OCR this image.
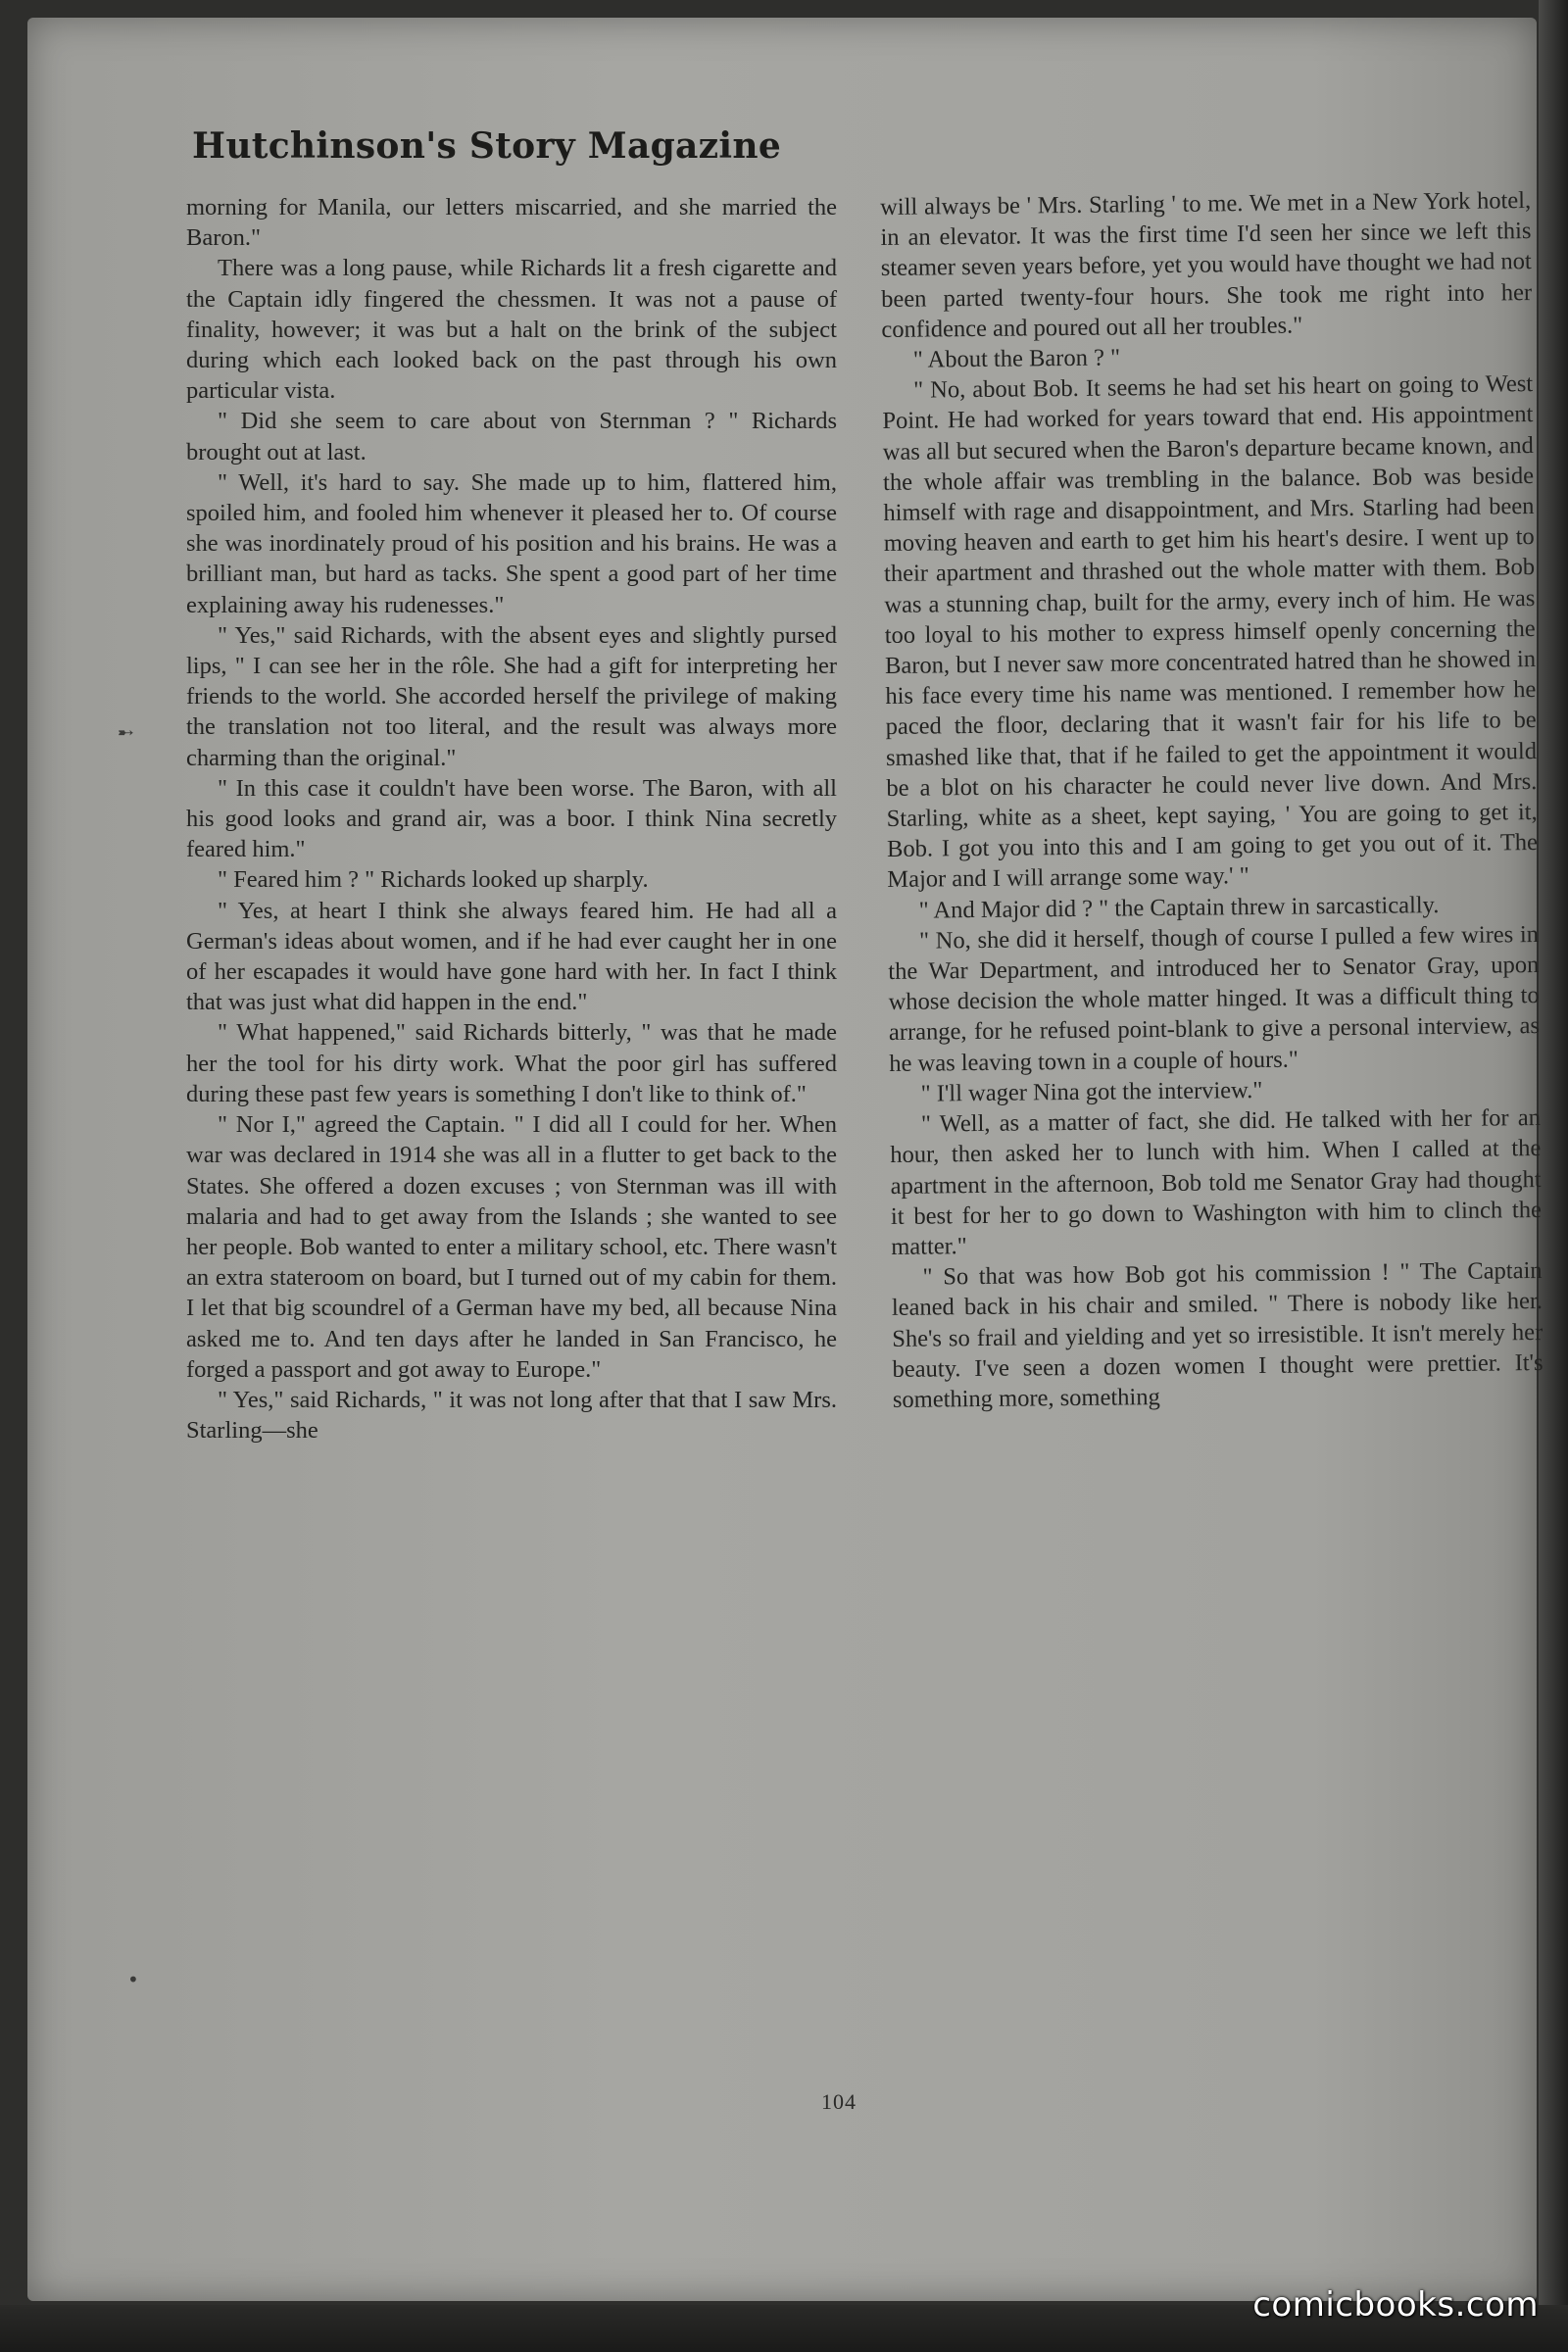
Hutchinson's Story Magazine

morning for Manila, our letters miscarried, and she married the Baron."

There was a long pause, while Richards lit a fresh cigarette and the Captain idly fingered the chessmen. It was not a pause of finality, however; it was but a halt on the brink of the subject during which each looked back on the past through his own particular vista.

" Did she seem to care about von Sternman ? " Richards brought out at last.

" Well, it's hard to say. She made up to him, flattered him, spoiled him, and fooled him whenever it pleased her to. Of course she was inordinately proud of his position and his brains. He was a brilliant man, but hard as tacks. She spent a good part of her time explaining away his rudenesses."

" Yes," said Richards, with the absent eyes and slightly pursed lips, " I can see her in the rôle. She had a gift for interpreting her friends to the world. She accorded herself the privilege of making the translation not too literal, and the result was always more charming than the original."

" In this case it couldn't have been worse. The Baron, with all his good looks and grand air, was a boor. I think Nina secretly feared him."

" Feared him ? " Richards looked up sharply.

" Yes, at heart I think she always feared him. He had all a German's ideas about women, and if he had ever caught her in one of her escapades it would have gone hard with her. In fact I think that was just what did happen in the end."

" What happened," said Richards bitterly, " was that he made her the tool for his dirty work. What the poor girl has suffered during these past few years is something I don't like to think of."

" Nor I," agreed the Captain. " I did all I could for her. When war was declared in 1914 she was all in a flutter to get back to the States. She offered a dozen excuses ; von Sternman was ill with malaria and had to get away from the Islands ; she wanted to see her people. Bob wanted to enter a military school, etc. There wasn't an extra stateroom on board, but I turned out of my cabin for them. I let that big scoundrel of a German have my bed, all because Nina asked me to. And ten days after he landed in San Francisco, he forged a passport and got away to Europe."

" Yes," said Richards, " it was not long after that that I saw Mrs. Starling—she

will always be ' Mrs. Starling ' to me. We met in a New York hotel, in an elevator. It was the first time I'd seen her since we left this steamer seven years before, yet you would have thought we had not been parted twenty-four hours. She took me right into her confidence and poured out all her troubles."

" About the Baron ? "

" No, about Bob. It seems he had set his heart on going to West Point. He had worked for years toward that end. His appointment was all but secured when the Baron's departure became known, and the whole affair was trembling in the balance. Bob was beside himself with rage and disappointment, and Mrs. Starling had been moving heaven and earth to get him his heart's desire. I went up to their apartment and thrashed out the whole matter with them. Bob was a stunning chap, built for the army, every inch of him. He was too loyal to his mother to express himself openly concerning the Baron, but I never saw more concentrated hatred than he showed in his face every time his name was mentioned. I remember how he paced the floor, declaring that it wasn't fair for his life to be smashed like that, that if he failed to get the appointment it would be a blot on his character he could never live down. And Mrs. Starling, white as a sheet, kept saying, ' You are going to get it, Bob. I got you into this and I am going to get you out of it. The Major and I will arrange some way.' "

" And Major did ? " the Captain threw in sarcastically.

" No, she did it herself, though of course I pulled a few wires in the War Department, and introduced her to Senator Gray, upon whose decision the whole matter hinged. It was a difficult thing to arrange, for he refused point-blank to give a personal interview, as he was leaving town in a couple of hours."

" I'll wager Nina got the interview."

" Well, as a matter of fact, she did. He talked with her for an hour, then asked her to lunch with him. When I called at the apartment in the afternoon, Bob told me Senator Gray had thought it best for her to go down to Washington with him to clinch the matter."

" So that was how Bob got his commission ! " The Captain leaned back in his chair and smiled. " There is nobody like her. She's so frail and yielding and yet so irresistible. It isn't merely her beauty. I've seen a dozen women I thought were prettier. It's something more, something

➸
•
104
comicbooks.com
